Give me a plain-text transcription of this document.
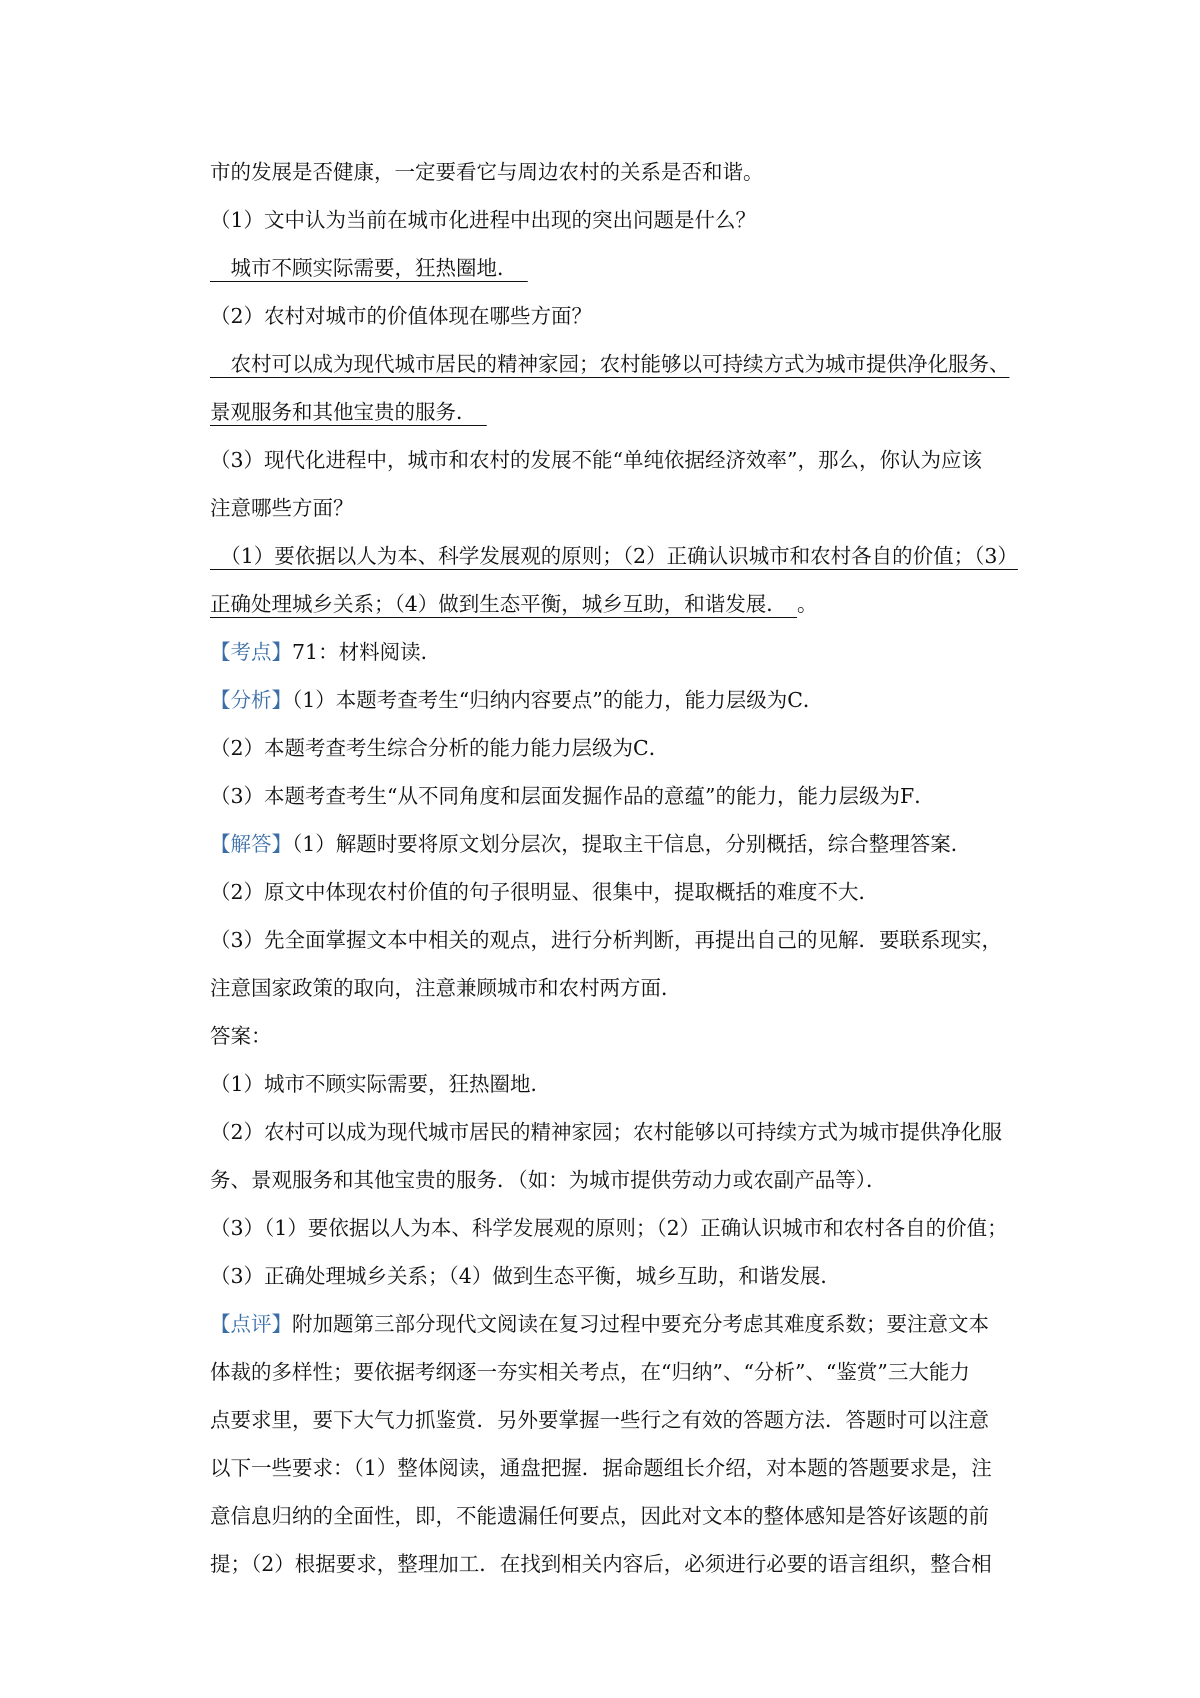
市的发展是否健康，一定要看它与周边农村的关系是否和谐。
（1）文中认为当前在城市化进程中出现的突出问题是什么？
　城市不顾实际需要，狂热圈地．　
（2）农村对城市的价值体现在哪些方面？
　农村可以成为现代城市居民的精神家园；农村能够以可持续方式为城市提供净化服务、
景观服务和其他宝贵的服务．　
（3）现代化进程中，城市和农村的发展不能“单纯依据经济效率”，那么，你认为应该
注意哪些方面？
　（1）要依据以人为本、科学发展观的原则；（2）正确认识城市和农村各自的价值；（3）
正确处理城乡关系；（4）做到生态平衡，城乡互助，和谐发展．　。
【考点】71：材料阅读．
【分析】（1）本题考查考生“归纳内容要点”的能力，能力层级为C．
（2）本题考查考生综合分析的能力能力层级为C．
（3）本题考查考生“从不同角度和层面发掘作品的意蕴”的能力，能力层级为F．
【解答】（1）解题时要将原文划分层次，提取主干信息，分别概括，综合整理答案．
（2）原文中体现农村价值的句子很明显、很集中，提取概括的难度不大．
（3）先全面掌握文本中相关的观点，进行分析判断，再提出自己的见解．要联系现实，
注意国家政策的取向，注意兼顾城市和农村两方面．
答案：
（1）城市不顾实际需要，狂热圈地．
（2）农村可以成为现代城市居民的精神家园；农村能够以可持续方式为城市提供净化服
务、景观服务和其他宝贵的服务．（如：为城市提供劳动力或农副产品等）．
（3）（1）要依据以人为本、科学发展观的原则；（2）正确认识城市和农村各自的价值；
（3）正确处理城乡关系；（4）做到生态平衡，城乡互助，和谐发展．
【点评】附加题第三部分现代文阅读在复习过程中要充分考虑其难度系数；要注意文本
体裁的多样性；要依据考纲逐一夯实相关考点，在“归纳”、“分析”、“鉴赏”三大能力
点要求里，要下大气力抓鉴赏．另外要掌握一些行之有效的答题方法．答题时可以注意
以下一些要求：（1）整体阅读，通盘把握．据命题组长介绍，对本题的答题要求是，注
意信息归纳的全面性，即，不能遗漏任何要点，因此对文本的整体感知是答好该题的前
提；（2）根据要求，整理加工．在找到相关内容后，必须进行必要的语言组织，整合相
